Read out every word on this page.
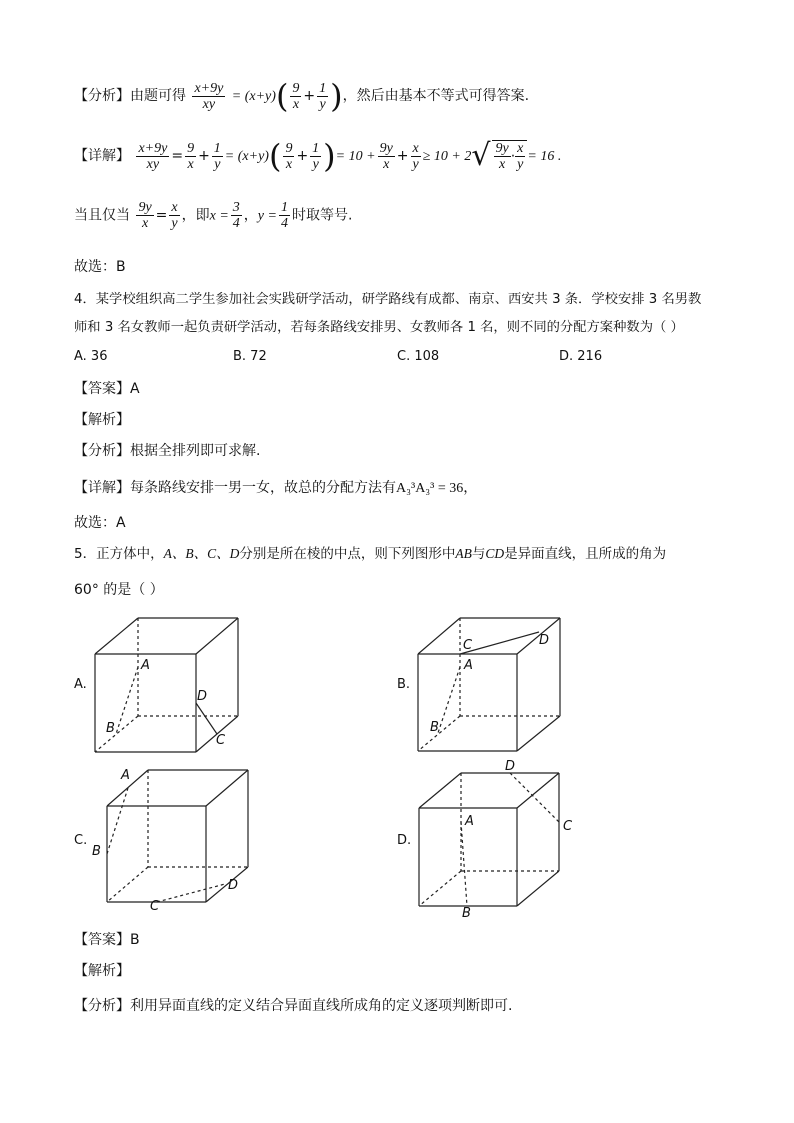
【分析】由题可得 $\frac{x+9y}{xy} = (x+y)( \frac{9}{x} + \frac{1}{y}$ )，然后由基本不等式可得答案.
【详解】 $\frac{x+9y}{xy} = \frac{9}{x} + \frac{1}{y} = (x+y)( \frac{9}{x} + \frac{1}{y}$ )= $10 + \frac{9y}{x} + \frac{x}{y} \ge 10 + 2√ \frac{9y}{x} \cdot \frac{x}{y} = 16$ .
当且仅当 $\frac{9y}{x} = \frac{x}{y}$ ，即$x = \frac{3}{4}$ ，$y = \frac{1}{4}$ 时取等号.
故选：B
4．某学校组织高二学生参加社会实践研学活动，研学路线有成都、南京、西安共 3 条．学校安排 3 名男教
师和 3 名女教师一起负责研学活动，若每条路线安排男、女教师各 1 名，则不同的分配方案种数为（ ）
A. 36	B. 72	C. 108	D. 216
【答案】A
【解析】
【分析】根据全排列即可求解.
【详解】每条路线安排一男一女，故总的分配方法有A₃³A₃³ = 36，
故选：A
5．正方体中，A、B、C、D分别是所在棱的中点，则下列图形中AB与CD是异面直线，且所成的角为
60° 的是（ ）
A.
A
B
D
C
B.
C	D
A
B
C.
A
B
D
C
D.
D
C
A
B
【答案】B
【解析】
【分析】利用异面直线的定义结合异面直线所成角的定义逐项判断即可.
